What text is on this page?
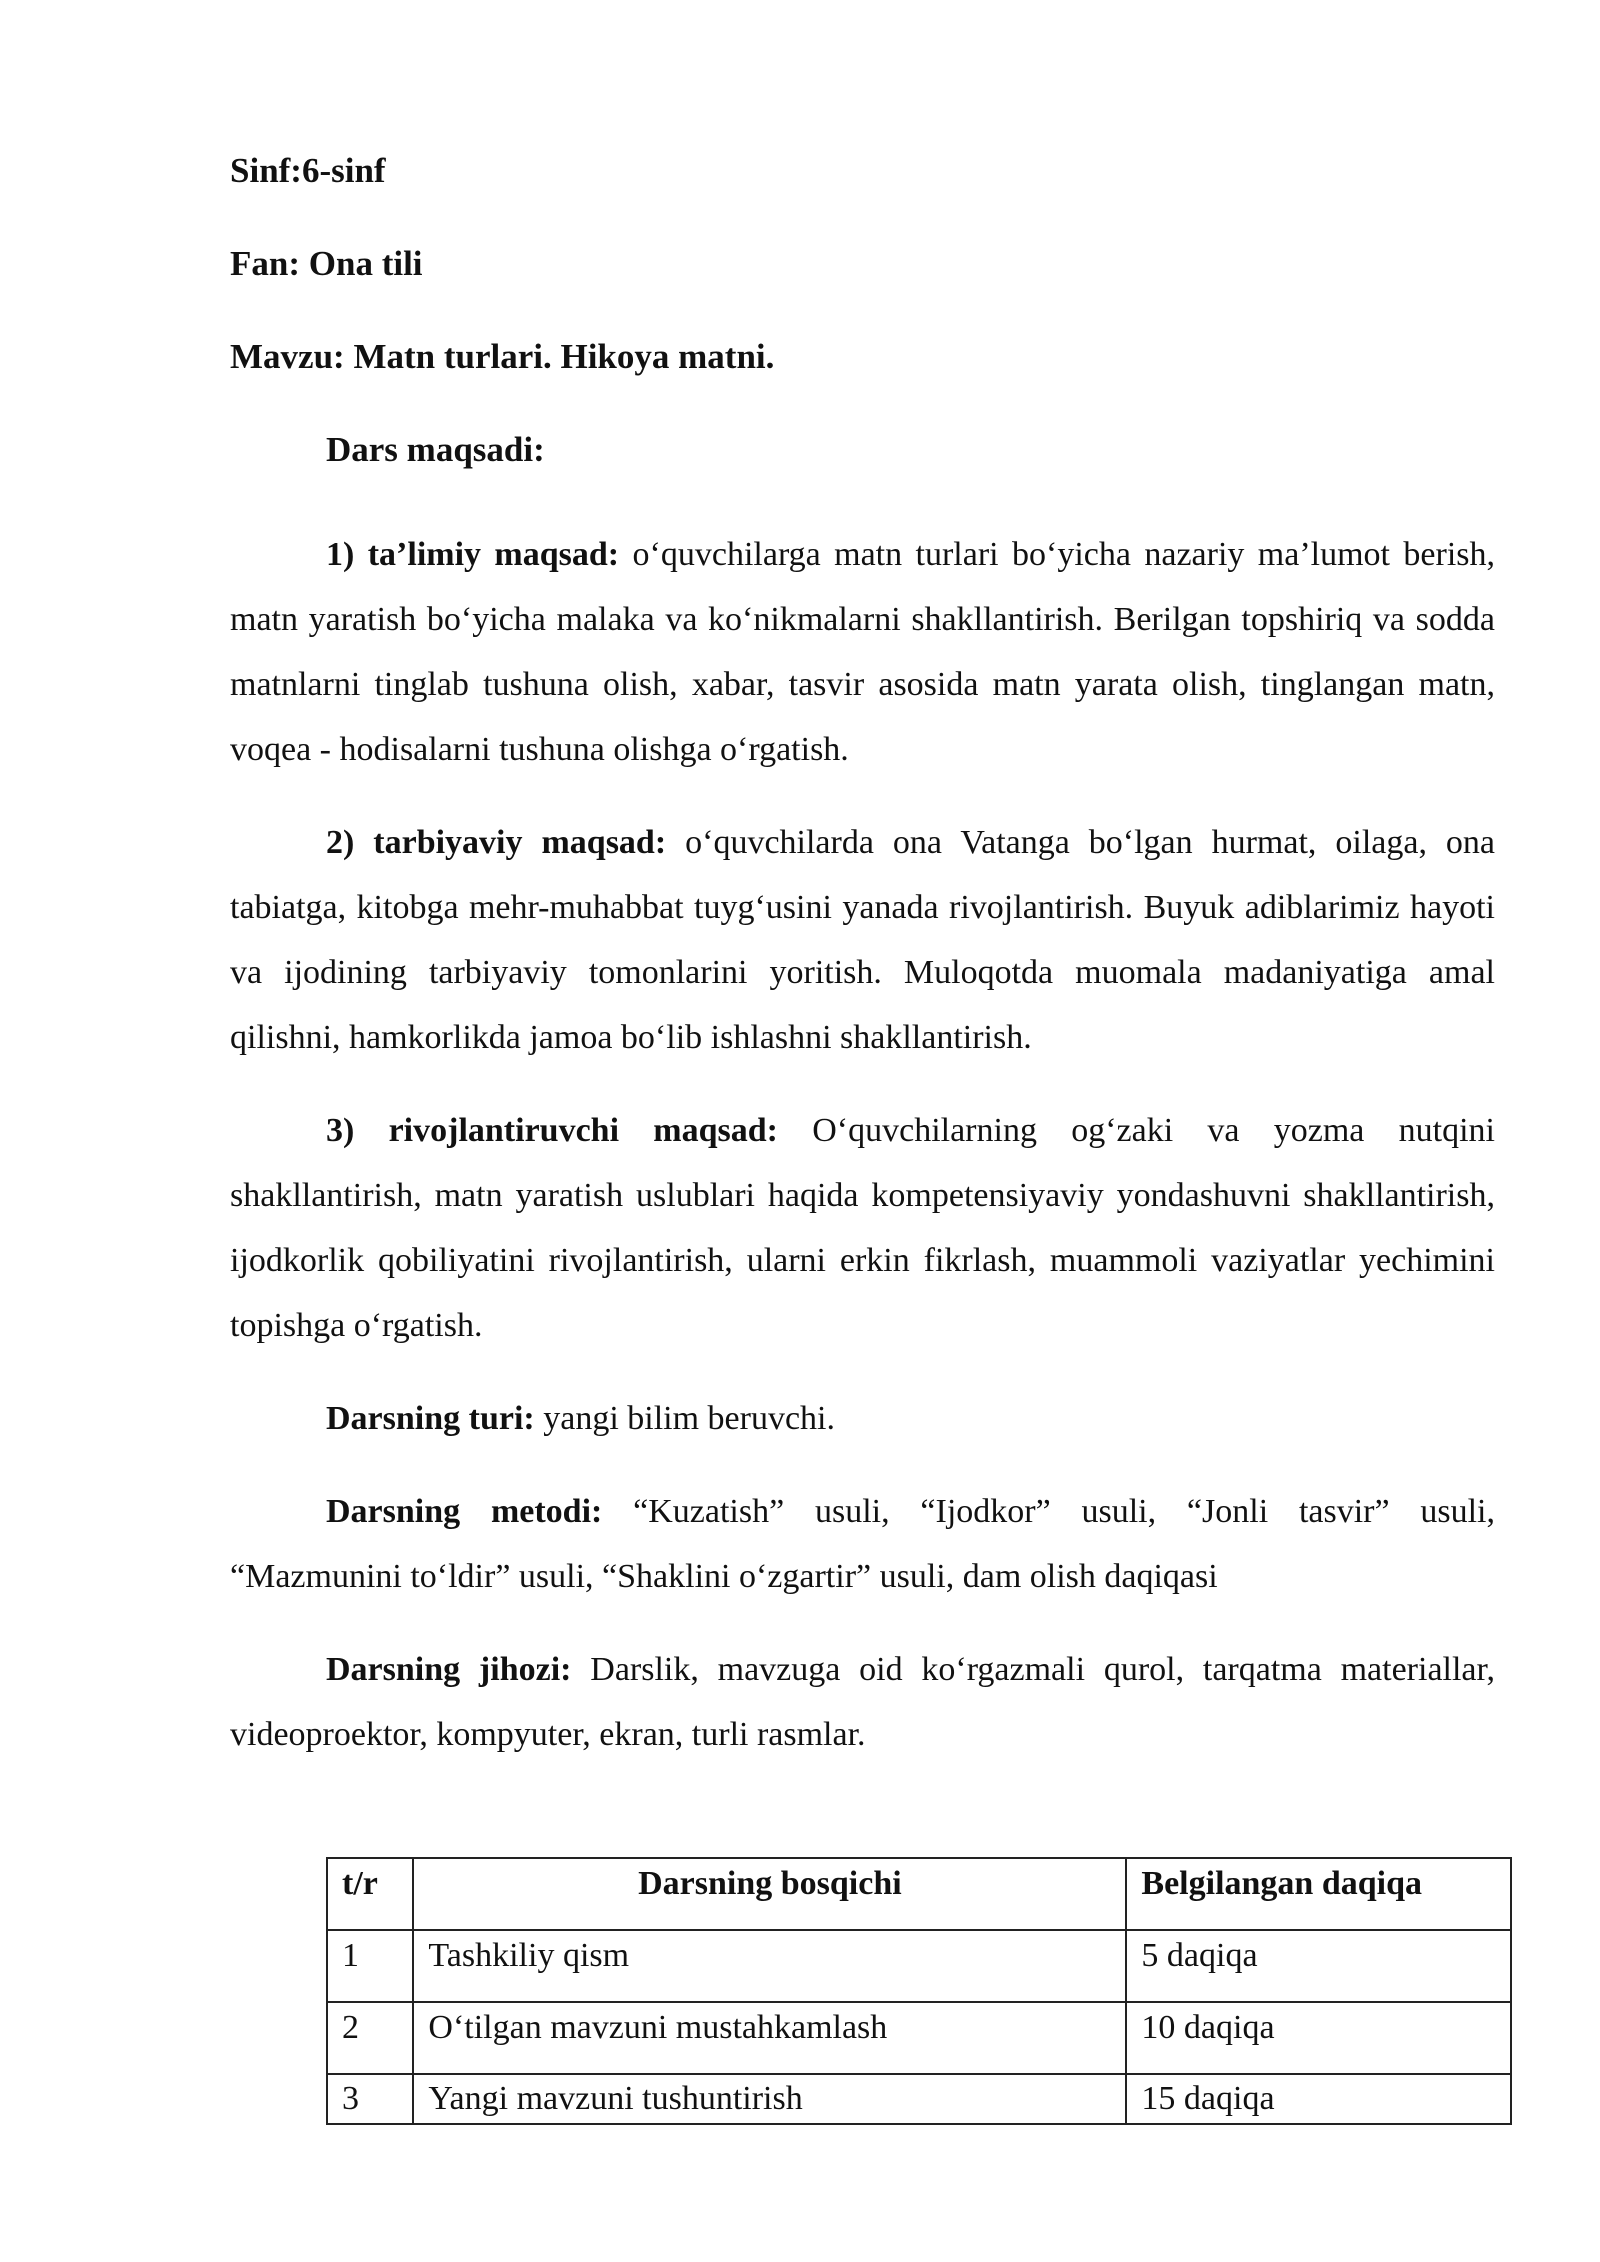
Sinf:6-sinf
Fan: Ona tili
Mavzu: Matn turlari. Hikoya matni.
Dars maqsadi:

1) ta’limiy maqsad: o‘quvchilarga matn turlari bo‘yicha nazariy ma’lumot berish, matn yaratish bo‘yicha malaka va ko‘nikmalarni shakllantirish. Berilgan topshiriq va sodda matnlarni tinglab tushuna olish, xabar, tasvir asosida matn yarata olish, tinglangan matn, voqea - hodisalarni tushuna olishga o‘rgatish.

2) tarbiyaviy maqsad: o‘quvchilarda ona Vatanga bo‘lgan hurmat, oilaga, ona tabiatga, kitobga mehr-muhabbat tuyg‘usini yanada rivojlantirish. Buyuk adiblarimiz hayoti va ijodining tarbiyaviy tomonlarini yoritish. Muloqotda muomala madaniyatiga amal qilishni, hamkorlikda jamoa bo‘lib ishlashni shakllantirish.

3) rivojlantiruvchi maqsad: O‘quvchilarning og‘zaki va yozma nutqini shakllantirish, matn yaratish uslublari haqida kompetensiyaviy yondashuvni shakllantirish, ijodkorlik qobiliyatini rivojlantirish, ularni erkin fikrlash, muammoli vaziyatlar yechimini topishga o‘rgatish.

Darsning turi: yangi bilim beruvchi.

Darsning metodi: “Kuzatish” usuli, “Ijodkor” usuli, “Jonli tasvir” usuli, “Mazmunini to‘ldir” usuli, “Shaklini o‘zgartir” usuli, dam olish daqiqasi

Darsning jihozi: Darslik, mavzuga oid ko‘rgazmali qurol, tarqatma materiallar, videoproektor, kompyuter, ekran, turli rasmlar.

t/r	Darsning bosqichi	Belgilangan daqiqa
1	Tashkiliy qism	5 daqiqa
2	O‘tilgan mavzuni mustahkamlash	10 daqiqa
3	Yangi mavzuni tushuntirish	15 daqiqa
